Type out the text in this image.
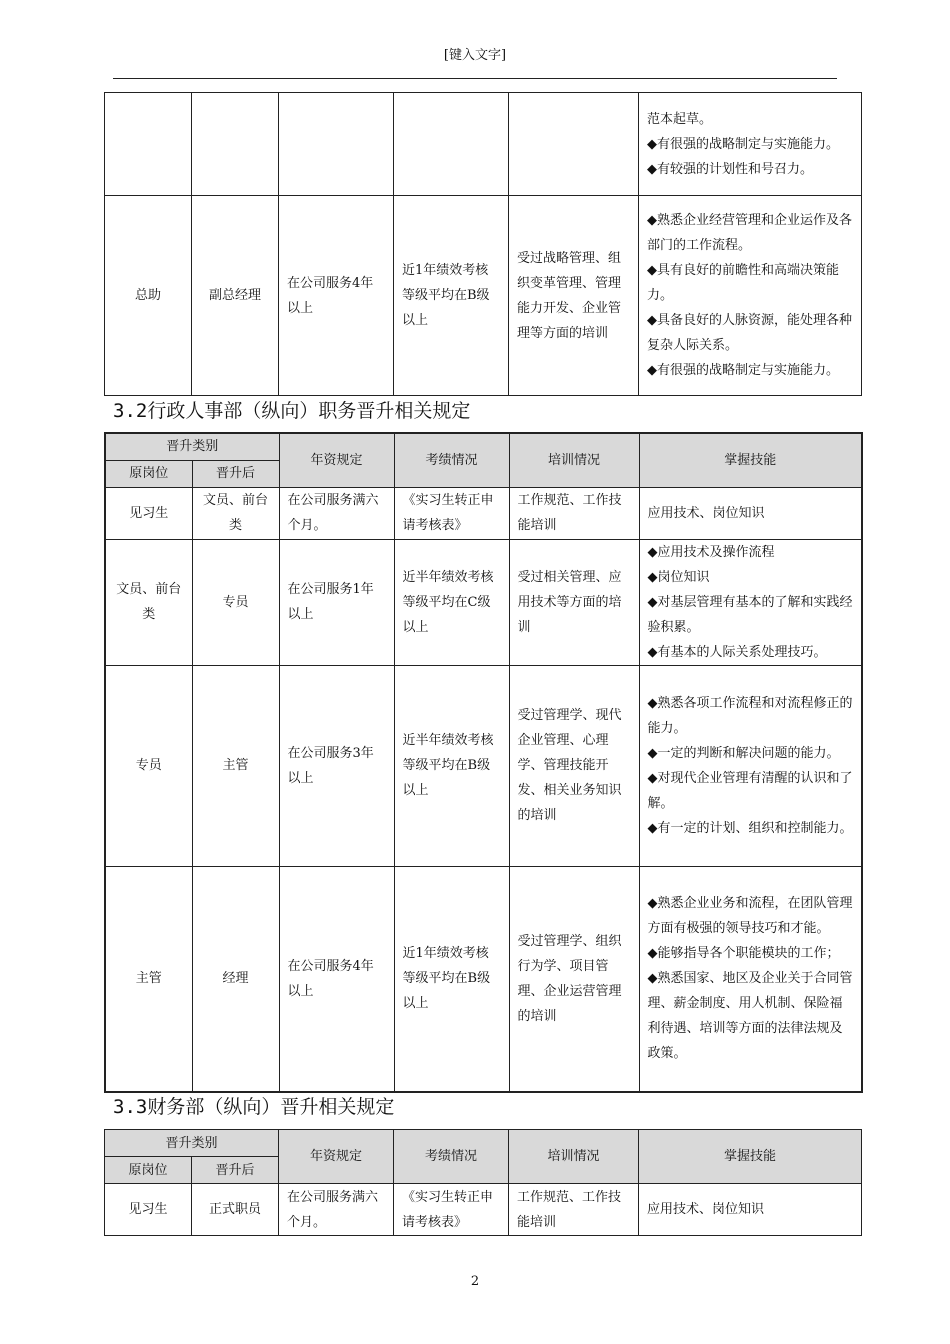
[键入文字]

					范本起草。
◆有很强的战略制定与实施能力。
◆有较强的计划性和号召力。

总助	副总经理	在公司服务4年以上	近1年绩效考核等级平均在B级以上	受过战略管理、组织变革管理、管理能力开发、企业管理等方面的培训	◆熟悉企业经营管理和企业运作及各部门的工作流程。
◆具有良好的前瞻性和高端决策能力。
◆具备良好的人脉资源，能处理各种复杂人际关系。
◆有很强的战略制定与实施能力。
3.2行政人事部（纵向）职务晋升相关规定
晋升类别		年资规定	考绩情况	培训情况	掌握技能
原岗位	晋升后				
见习生	文员、前台类	在公司服务满六个月。	《实习生转正申请考核表》	工作规范、工作技能培训	应用技术、岗位知识

文员、前台类	专员	在公司服务1年以上	近半年绩效考核等级平均在C级以上	受过相关管理、应用技术等方面的培训	◆应用技术及操作流程
◆岗位知识
◆对基层管理有基本的了解和实践经验积累。
◆有基本的人际关系处理技巧。

专员	主管	在公司服务3年以上	近半年绩效考核等级平均在B级以上	受过管理学、现代企业管理、心理学、管理技能开发、相关业务知识的培训	◆熟悉各项工作流程和对流程修正的能力。
◆一定的判断和解决问题的能力。
◆对现代企业管理有清醒的认识和了解。
◆有一定的计划、组织和控制能力。

主管	经理	在公司服务4年以上	近1年绩效考核等级平均在B级以上	受过管理学、组织行为学、项目管理、企业运营管理的培训	◆熟悉企业业务和流程，在团队管理方面有极强的领导技巧和才能。
◆能够指导各个职能模块的工作；
◆熟悉国家、地区及企业关于合同管理、薪金制度、用人机制、保险福利待遇、培训等方面的法律法规及政策。
3.3财务部（纵向）晋升相关规定
晋升类别		年资规定	考绩情况	培训情况	掌握技能
原岗位	晋升后				
见习生	正式职员	在公司服务满六个月。	《实习生转正申请考核表》	工作规范、工作技能培训	应用技术、岗位知识
2
